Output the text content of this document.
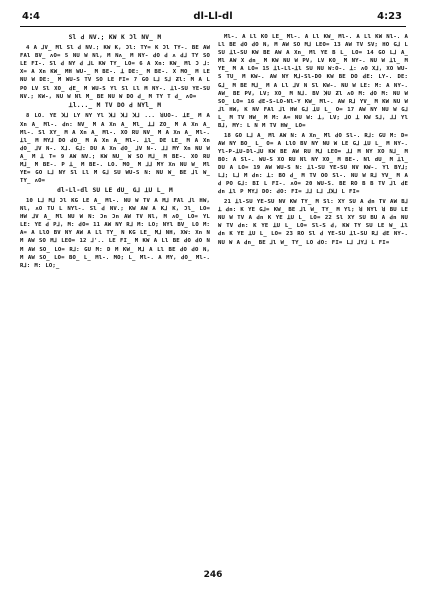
4:4	dl-Ll-dl	4:23

Sl ꓒ NV.; KW K Ɔl NV_ M

4 A ⅃V_ Ml Sl ꓒ NV.; KW K, Ɔl: TY= K Ɔl TY-. BE AW FAl BV_ ʌO= 5 NU W Nl, M Nʌ_ M NY- ꓒO ꓒ ʌ ꓒ⅃ TY SO LE FI-. Sl ꓒ NY ꓒ ⅃L KW TY_ LO= 6 A Xn: KW_ Ml Ɔ ⅃: X= A Xn KW_ MH WU-_ M BE-. ꓕ DE:_ M BE-. X MO_ M LE NU W DE:_ M WU-S TV SO LE FI= 7 GO L⅃ S⅃ Ƶl: M A L PO LV Sl XO_ ꓒE_ M WU-S Yl Sl Ll M NY-. ꓕl-SU YE-SU NV.; KW-, NU W Nl M_ BE NU W DO ꓒ_ M TY T ꓒ_ ʌO=

ꓕl..._ M TV DO ꓒ NYl_ M

8 LO. YE ꓘ⅃ LY NY Yl ꓘ⅃ ꓘ⅃ ꓘ⅃ ... ꓤUO-. ꓕE_ M A Xn A_ Ml-. ꓒn: NV_ M A Xn A_ Ml_ ꓕ⅃ ZO_ M A Xn A_ Ml-. Sl XY_ M A Xn A_ Ml-. XO RU NV_ M A Xn A_ Ml-. ꓕl_ M MY⅃ DO ꓒO_ M A Xn A_ Ml-. ꓕl_ DE LE_ M A Xn ꓒO_ ⅃V N-. X⅃. G⅃: DU A Xn ꓒO_ ⅃V N-. ⅃⅃ MY Xn NU W A_ M ꓕ T= 9 AW NV.; KW NU_ W SO M⅃_ M BE-. XO RU M⅃_ M BE-. P ꓕ_ M BE-. LO. MO_ M ⅃⅃ MY Xn NU W_ Ml YE= GO L⅃ NY Sl Ll M G⅃ SU WU-S N: NU W_ BE ⅃l W_ TY_ ʌO=

dl-Ll-dl SU LE dU_ G⅃ ꓕU L_ M

10 L⅃ M⅃ Ɔl KG LE A_ Ml-. NU W TV A M⅃ FAl ⅃l HW, Nl, ʌO TU L NYl-. Sl ꓒ NV.; KW AW A K⅃ K, Ɔl_ LO= HW ⅃V A_ Ml NU W N: Ɔn Ɔn AW TV Nl, M ʌO_ LO= YL LE: YE ꓒ P⅃, M: ꓒO= 11 AW NY R⅃ M: LO; NYl BV_ LO M: A= A LlO BV NY AW A Ll TY_ N KG LE_ M⅃ NH, XW: Xn N M AW SO M⅃ LEO= 12 ⅃'.. LE FI_ M KW A Ll BE ꓒO ꓒO N M AW SO_ LO= R⅃: GU M: D M KW_ M⅃ A Ll BE ꓒO ꓒO N, M AW SO_ LO= BO_ L_ Ml-. MO; L_ Ml-. A MY, ꓒO_ Ml-. R⅃: M: LO;_

Ml-. A Ll KO LE_ Ml-. A Ll KW_ Ml-. A Ll KW Nl-. A Ll BE ꓒO ꓒO N, M AW SO M⅃ LEO= 13 AW TV SV; HO G⅃ L SU ꓕl-SU KW BE AW A Xn_ Ml YE B L_ LO= 14 GO L⅃ A_ Ml AW X ꓒn_ M KW NU W PV, LV KO_ M NY-. NU W ꓕl_ M YE_ M A LO= 15 ꓕl-Ll-ꓕl SU NU W:O-. ꓕ: ʌO X⅃, XO WU-S TU_ M KW-. AW NY M⅃-Sl-DO KW BE DO ꓒE: LY-. DE: G⅃_ M BE M⅃_ M A Ll ⅃V N Sl KW-. NU W LE: M: A NY-. AW_ BE PV, LV; XO_ M N⅃. BV ꓘU Ƶl ʌO M: ꓒO M: NU W SO_ LO= 16 ꓒE-S-LO-Nl-Y KW_ Ml-. AW R⅃ YV_ M KW NU W ⅃l HW, K NV FAl ⅃l HW G⅃ ꓕU L_ O= 17 AW NY NU W G⅃ L_ M TV HW_ M M: A= NU W: ꓕ, LV; ⅃O ꓕ KW S⅃, ⅃⅃ Yl B⅃, MY: L N M TV HW_ LO=

18 GO L⅃ A_ Ml AW N: A Xn_ Ml ꓒO Sl-. R⅃: GU M: D= AW NY BO_ L_ O= A LlO BV NY NU W LE G⅃ ꓕU L_ M NY-. Yl-P-ꓕU-Dl-⅃U KW BE AW RU M⅃ LEO= ⅃⅃ M NY XO N⅃_ M BO: A Sl-. WU-S XO RU Nl NY XO_ M BE-. Nl dU_ M ꓕl_ DU A LO= 19 AW WU-S N: ꓕl-SU YE-SU NV KW-. Yl BY⅃; L⅃; L⅃ M ꓒn: ꓕ: BO ꓒ_ M TV OO Sl-. NU W R⅃ YV_ M A ꓒ PO G⅃: BI L FI-. ʌO= 20 WU-S. BE RO B B TV ⅃l ꓒE ꓒn ꓕl P MY⅃ DO: ꓒO: FI= ⅃⅃ L⅃ ⅃ꓘ⅃ L FI=

21 ꓕl-SU YE-SU NV KW TY_ M Sl: XY SU A ꓒn TV AW B⅃ ꓕ ꓒn: K YE G⅃= KW_ BE ⅃l W_ TY_ M Yl; ꓤ NYl ꓤ BU LE NU W TV A ꓒn K YE ꓕU L_ LO= 22 Sl XY SU BU A ꓒn NU W TV ꓒn: K YE ꓕU L_ LO= Sl-S ꓒ, KW TY SU LE W_ ꓕl ꓒn K YE ꓕU L_ LO= 23 RO Sl ꓒ YE-SU ꓕl-SU R⅃ ꓒE NY-. NU W A ꓒn_ BE ⅃l W_ TY_ LO ꓒO: FI= L⅃ ⅃Y⅃ L FI=

246
